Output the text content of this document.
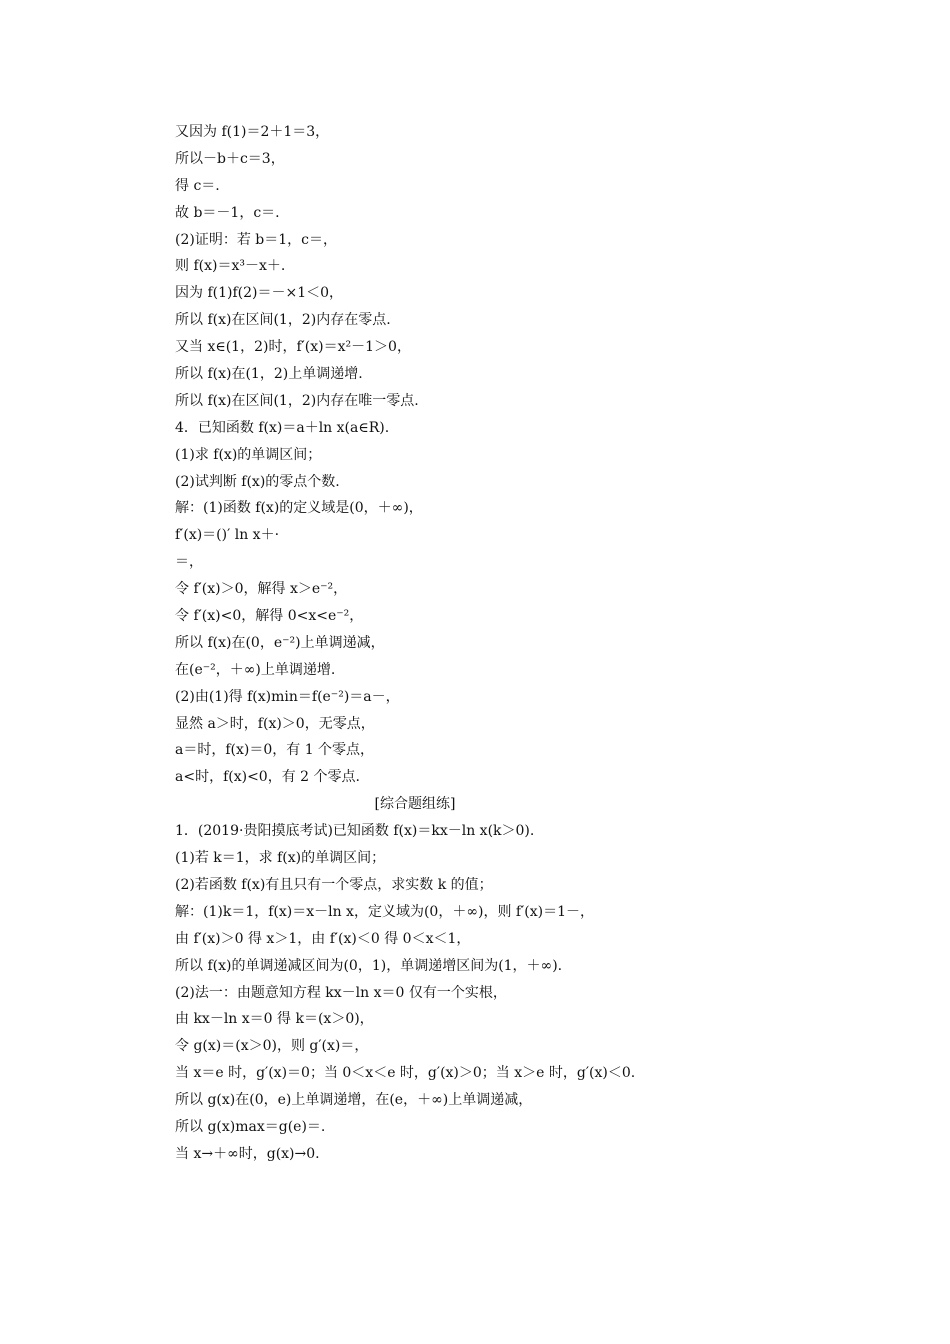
又因为 f(1)＝2＋1＝3，
所以－b＋c＝3，
得 c＝.
故 b＝－1，c＝.
(2)证明：若 b＝1，c＝，
则 f(x)＝x³－x＋.
因为 f(1)f(2)＝－×1＜0，
所以 f(x)在区间(1，2)内存在零点.
又当 x∈(1，2)时，f′(x)＝x²－1＞0，
所以 f(x)在(1，2)上单调递增.
所以 f(x)在区间(1，2)内存在唯一零点.
4．已知函数 f(x)＝a＋ln x(a∈R).
(1)求 f(x)的单调区间；
(2)试判断 f(x)的零点个数.
解：(1)函数 f(x)的定义域是(0，＋∞)，
f′(x)＝()′ ln x＋·
＝，
令 f′(x)＞0，解得 x＞e⁻²，
令 f′(x)<0，解得 0<x<e⁻²，
所以 f(x)在(0，e⁻²)上单调递减，
在(e⁻²，＋∞)上单调递增.
(2)由(1)得 f(x)min＝f(e⁻²)＝a－，
显然 a＞时，f(x)＞0，无零点，
a＝时，f(x)＝0，有 1 个零点，
a<时，f(x)<0，有 2 个零点.
[综合题组练]
1．(2019·贵阳摸底考试)已知函数 f(x)＝kx－ln x(k＞0).
(1)若 k＝1，求 f(x)的单调区间；
(2)若函数 f(x)有且只有一个零点，求实数 k 的值；
解：(1)k＝1，f(x)＝x－ln x，定义域为(0，＋∞)，则 f′(x)＝1－，
由 f′(x)＞0 得 x＞1，由 f′(x)＜0 得 0＜x＜1，
所以 f(x)的单调递减区间为(0，1)，单调递增区间为(1，＋∞).
(2)法一：由题意知方程 kx－ln x＝0 仅有一个实根，
由 kx－ln x＝0 得 k＝(x＞0)，
令 g(x)＝(x＞0)，则 g′(x)＝，
当 x＝e 时，g′(x)＝0；当 0＜x＜e 时，g′(x)＞0；当 x＞e 时，g′(x)＜0.
所以 g(x)在(0，e)上单调递增，在(e，＋∞)上单调递减，
所以 g(x)max＝g(e)＝.
当 x→＋∞时，g(x)→0.
